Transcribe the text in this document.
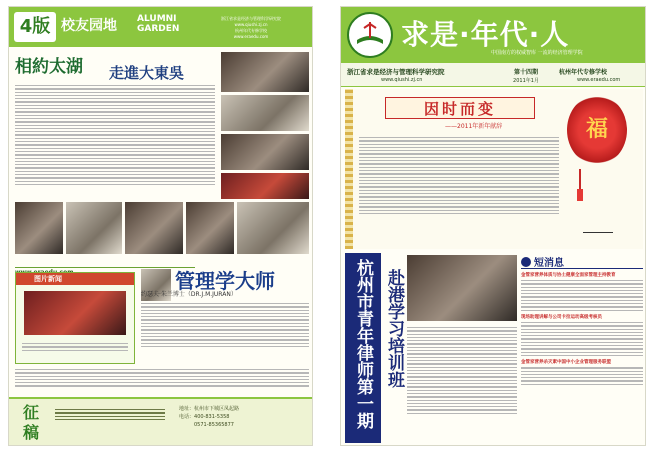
4版 校友园地 ALUMNI
GARDEN
浙江省求是经济与管理科学研究院
www.qiushi.zj.cn
杭州年代专修学校
www.eraedu.com
相約太湖 走進大東吳
图片新闻	管理学大师
约瑟夫·朱兰博士（DR.J.M.JURAN）
征
稿
地址：杭州市下城区凤起路
电话：400-831-5358
0571-85365877
求是·年代·人
中国南方的权威智库 一流的经济管理学院
浙江省求是经济与管理科学研究院
www.qiushi.zj.cn
第十四期
2011年1月
杭州年代专修学校
www.eraedu.com
因时而变
——2011年新年献辞	福
杭州市青年律师第一期 赴港学习培训班
短消息
金管家营养体质与协土健康全面家管理主持教育
现场助理讲解与公司卡拉运动高级考核员
金管家营养杀灭素中国中小企业管理服务联盟
